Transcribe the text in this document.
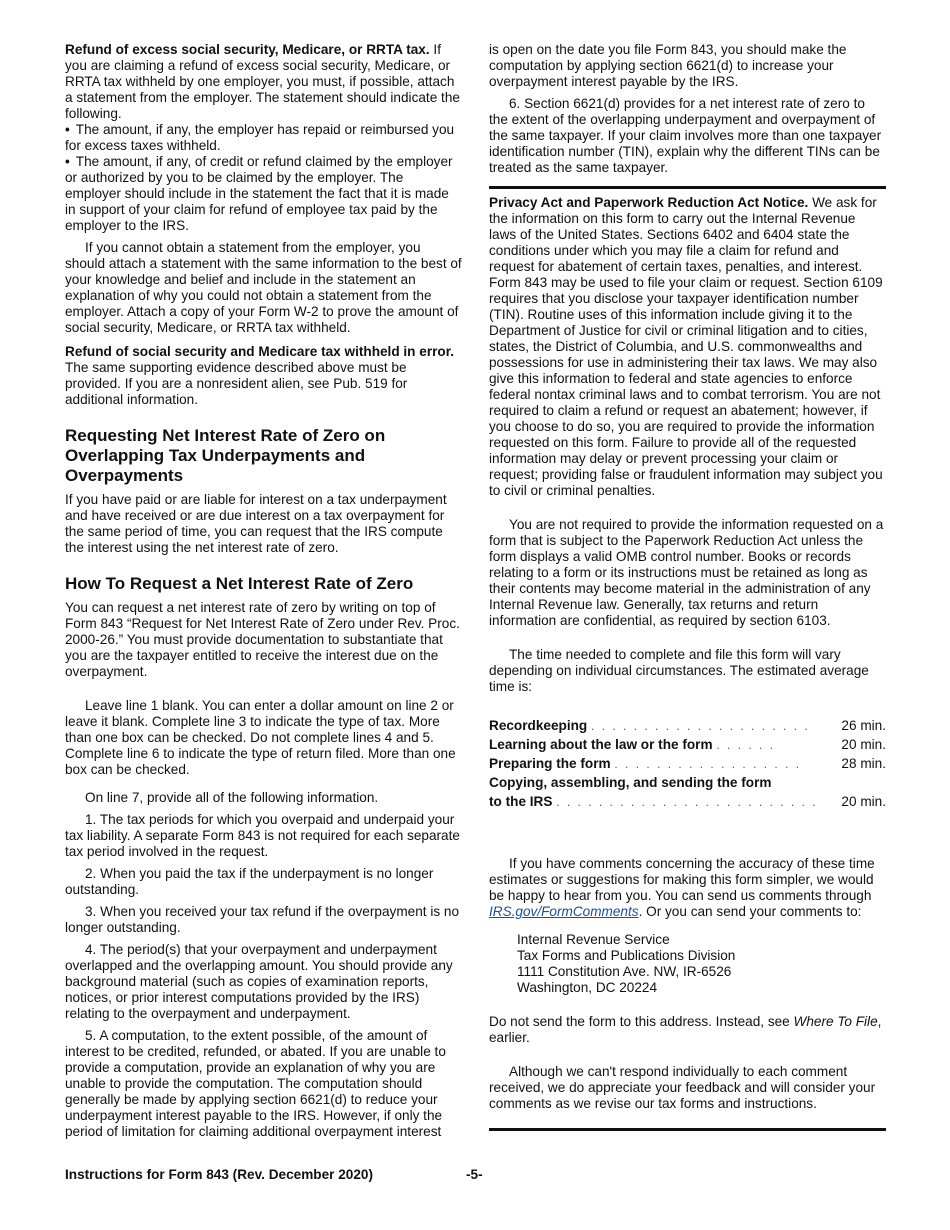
Refund of excess social security, Medicare, or RRTA tax. If you are claiming a refund of excess social security, Medicare, or RRTA tax withheld by one employer, you must, if possible, attach a statement from the employer. The statement should indicate the following.

• The amount, if any, the employer has repaid or reimbursed you for excess taxes withheld.

• The amount, if any, of credit or refund claimed by the employer or authorized by you to be claimed by the employer. The employer should include in the statement the fact that it is made in support of your claim for refund of employee tax paid by the employer to the IRS.

If you cannot obtain a statement from the employer, you should attach a statement with the same information to the best of your knowledge and belief and include in the statement an explanation of why you could not obtain a statement from the employer. Attach a copy of your Form W-2 to prove the amount of social security, Medicare, or RRTA tax withheld.

Refund of social security and Medicare tax withheld in error. The same supporting evidence described above must be provided. If you are a nonresident alien, see Pub. 519 for additional information.

Requesting Net Interest Rate of Zero on Overlapping Tax Underpayments and Overpayments

If you have paid or are liable for interest on a tax underpayment and have received or are due interest on a tax overpayment for the same period of time, you can request that the IRS compute the interest using the net interest rate of zero.

How To Request a Net Interest Rate of Zero

You can request a net interest rate of zero by writing on top of Form 843 “Request for Net Interest Rate of Zero under Rev. Proc. 2000-26.” You must provide documentation to substantiate that you are the taxpayer entitled to receive the interest due on the overpayment.

Leave line 1 blank. You can enter a dollar amount on line 2 or leave it blank. Complete line 3 to indicate the type of tax. More than one box can be checked. Do not complete lines 4 and 5. Complete line 6 to indicate the type of return filed. More than one box can be checked.

On line 7, provide all of the following information.

1. The tax periods for which you overpaid and underpaid your tax liability. A separate Form 843 is not required for each separate tax period involved in the request.

2. When you paid the tax if the underpayment is no longer outstanding.

3. When you received your tax refund if the overpayment is no longer outstanding.

4. The period(s) that your overpayment and underpayment overlapped and the overlapping amount. You should provide any background material (such as copies of examination reports, notices, or prior interest computations provided by the IRS) relating to the overpayment and underpayment.

5. A computation, to the extent possible, of the amount of interest to be credited, refunded, or abated. If you are unable to provide a computation, provide an explanation of why you are unable to provide the computation. The computation should generally be made by applying section 6621(d) to reduce your underpayment interest payable to the IRS. However, if only the period of limitation for claiming additional overpayment interest

is open on the date you file Form 843, you should make the computation by applying section 6621(d) to increase your overpayment interest payable by the IRS.

6. Section 6621(d) provides for a net interest rate of zero to the extent of the overlapping underpayment and overpayment of the same taxpayer. If your claim involves more than one taxpayer identification number (TIN), explain why the different TINs can be treated as the same taxpayer.

Privacy Act and Paperwork Reduction Act Notice. We ask for the information on this form to carry out the Internal Revenue laws of the United States. Sections 6402 and 6404 state the conditions under which you may file a claim for refund and request for abatement of certain taxes, penalties, and interest. Form 843 may be used to file your claim or request. Section 6109 requires that you disclose your taxpayer identification number (TIN). Routine uses of this information include giving it to the Department of Justice for civil or criminal litigation and to cities, states, the District of Columbia, and U.S. commonwealths and possessions for use in administering their tax laws. We may also give this information to federal and state agencies to enforce federal nontax criminal laws and to combat terrorism. You are not required to claim a refund or request an abatement; however, if you choose to do so, you are required to provide the information requested on this form. Failure to provide all of the requested information may delay or prevent processing your claim or request; providing false or fraudulent information may subject you to civil or criminal penalties.

You are not required to provide the information requested on a form that is subject to the Paperwork Reduction Act unless the form displays a valid OMB control number. Books or records relating to a form or its instructions must be retained as long as their contents may become material in the administration of any Internal Revenue law. Generally, tax returns and return information are confidential, as required by section 6103.

The time needed to complete and file this form will vary depending on individual circumstances. The estimated average time is:

Recordkeeping . . . . . . . . . . . . . . . . . . . . .	26 min.
Learning about the law or the form . . . . . .	20 min.
Preparing the form . . . . . . . . . . . . . . . . . .	28 min.
Copying, assembling, and sending the form	
to the IRS . . . . . . . . . . . . . . . . . . . . . . . . .	20 min.

If you have comments concerning the accuracy of these time estimates or suggestions for making this form simpler, we would be happy to hear from you. You can send us comments through IRS.gov/FormComments. Or you can send your comments to:

Internal Revenue Service
Tax Forms and Publications Division
1111 Constitution Ave. NW, IR-6526
Washington, DC 20224

Do not send the form to this address. Instead, see Where To File, earlier.

Although we can't respond individually to each comment received, we do appreciate your feedback and will consider your comments as we revise our tax forms and instructions.

Instructions for Form 843 (Rev. December 2020)	-5-
